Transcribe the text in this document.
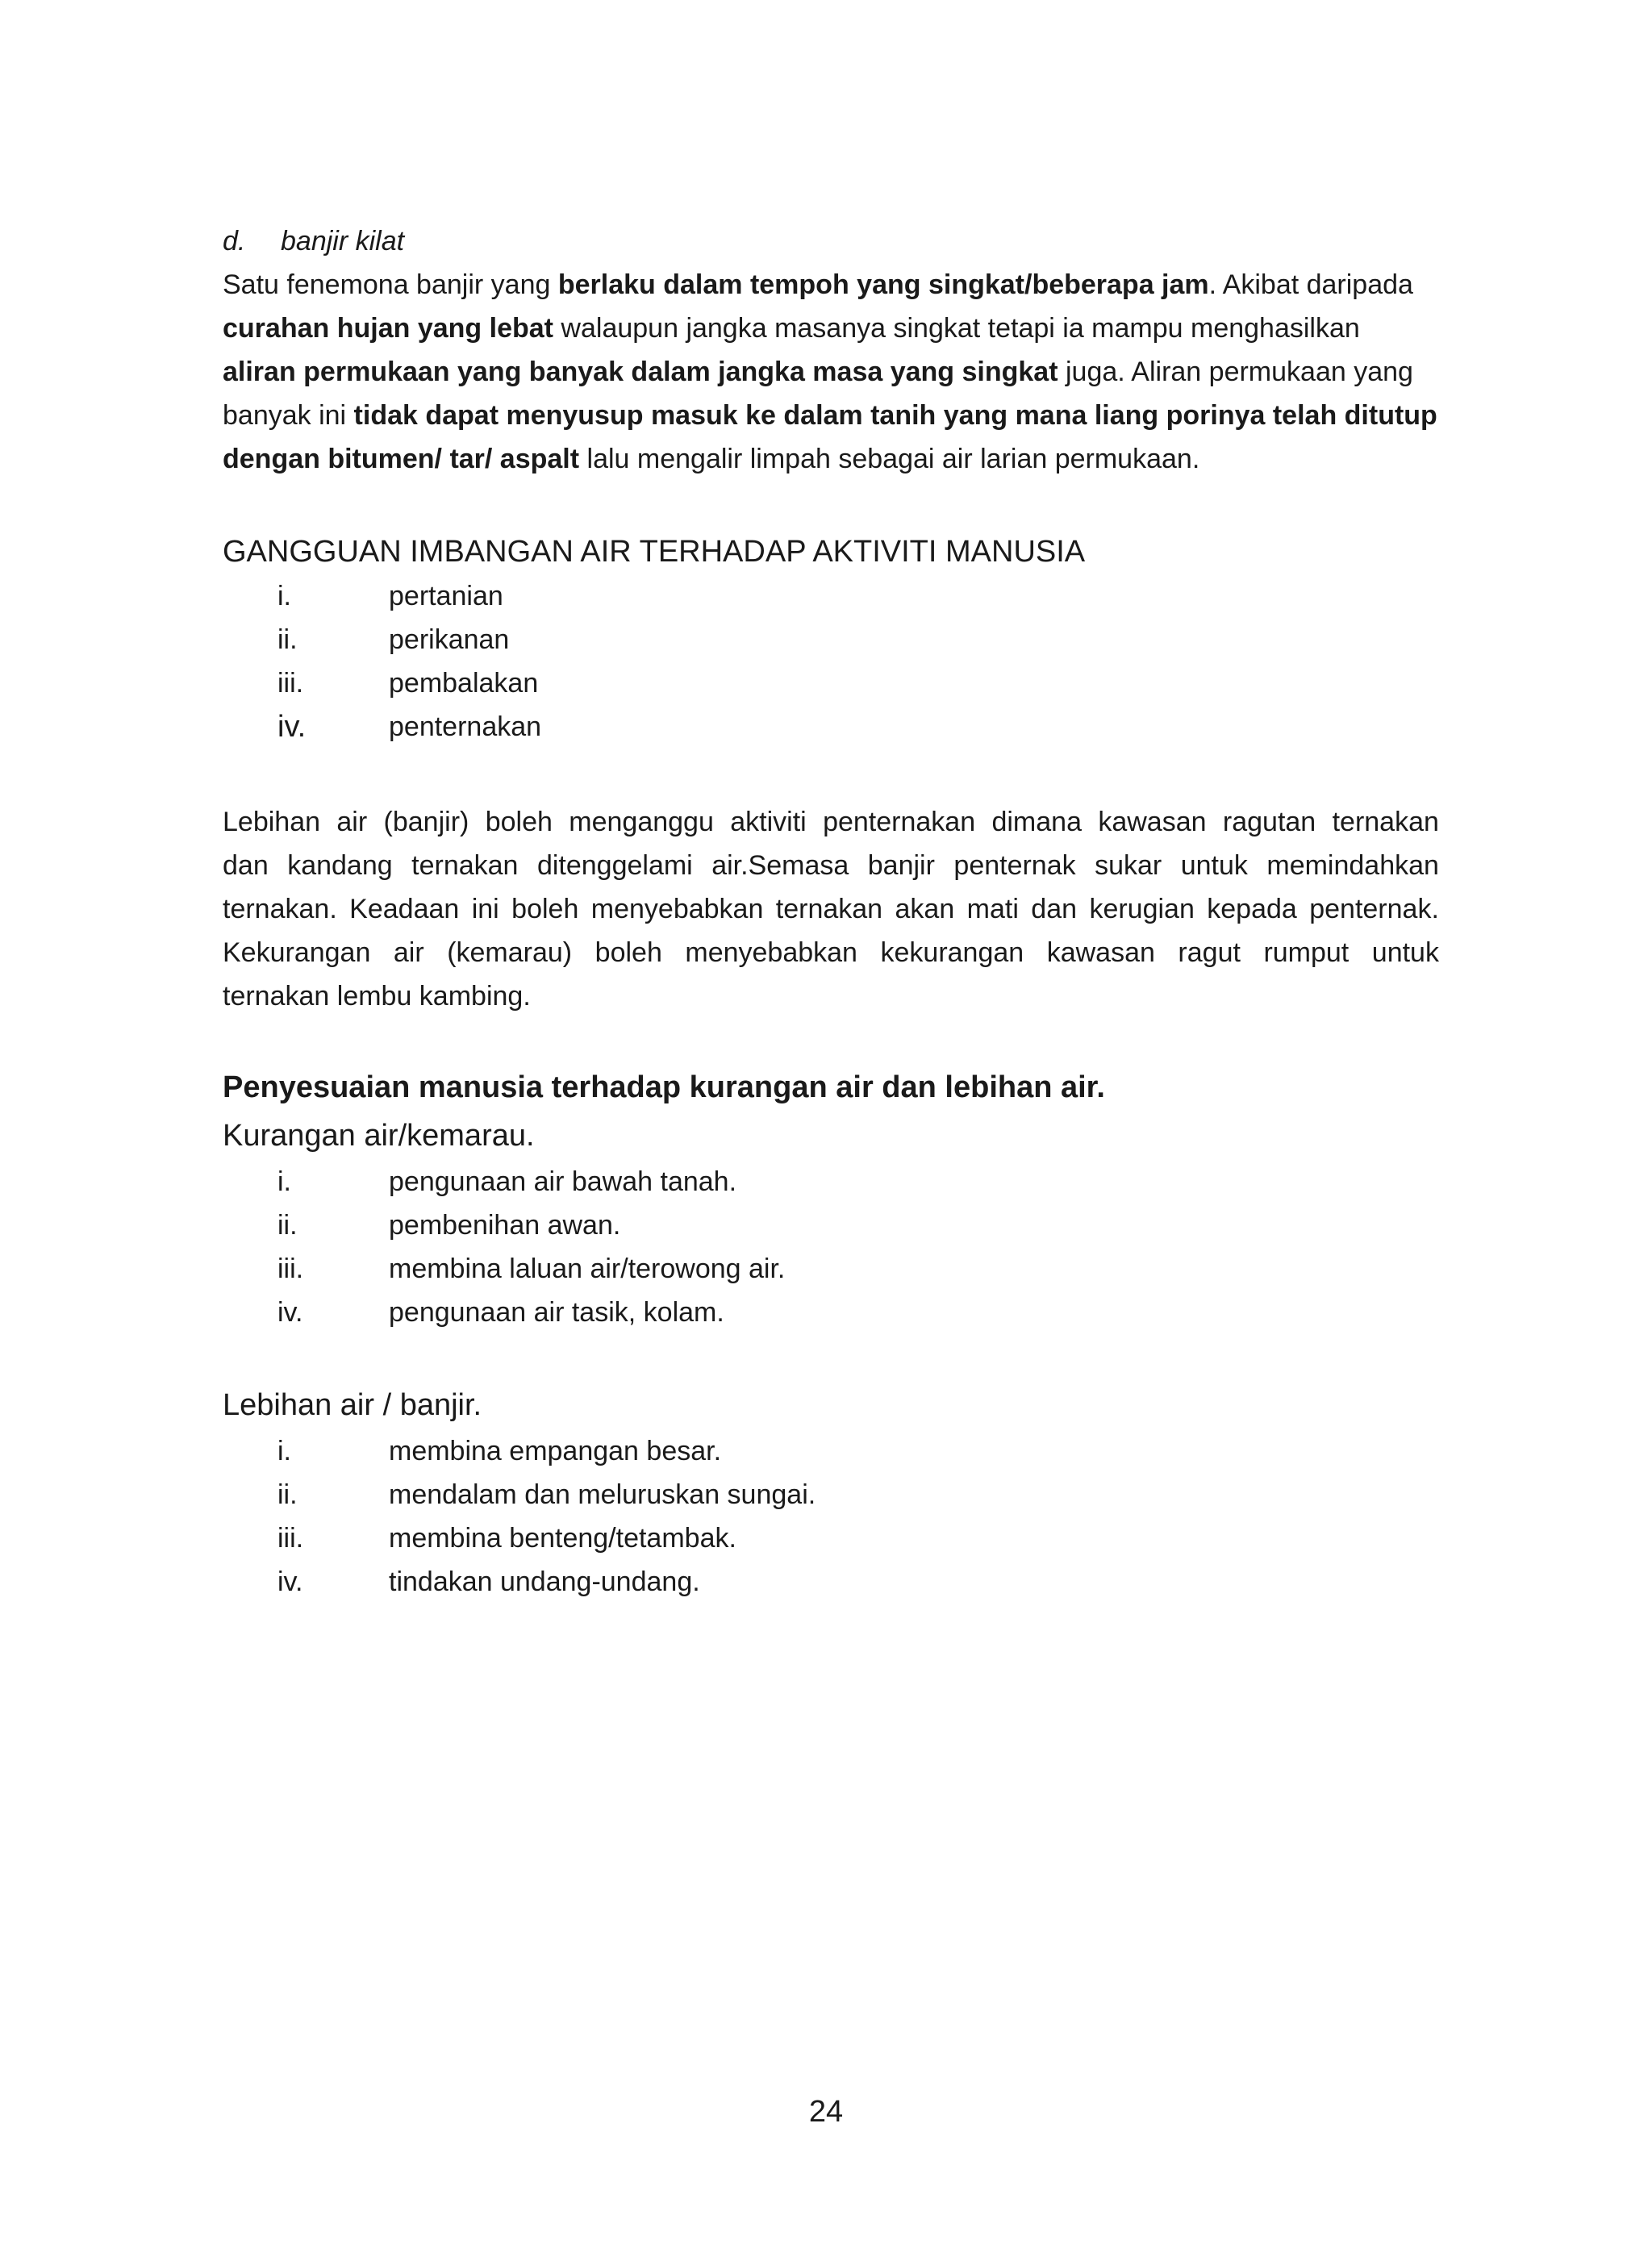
d. banjir kilat
Satu fenemona banjir yang berlaku dalam tempoh yang singkat/beberapa jam. Akibat daripada
curahan hujan yang lebat walaupun jangka masanya singkat tetapi ia mampu menghasilkan
aliran permukaan yang banyak dalam jangka masa yang singkat juga. Aliran permukaan yang
banyak ini tidak dapat menyusup masuk ke dalam tanih yang mana liang porinya telah ditutup
dengan bitumen/ tar/ aspalt lalu mengalir limpah sebagai air larian permukaan.
GANGGUAN IMBANGAN AIR TERHADAP AKTIVITI MANUSIA
i.	pertanian
ii.	perikanan
iii.	pembalakan
iv.	penternakan
Lebihan air (banjir) boleh menganggu aktiviti penternakan dimana kawasan ragutan ternakan
dan kandang ternakan ditenggelami air.Semasa banjir penternak sukar untuk memindahkan
ternakan. Keadaan ini boleh menyebabkan ternakan akan mati dan kerugian kepada penternak.
Kekurangan air (kemarau) boleh menyebabkan kekurangan kawasan ragut rumput untuk
ternakan lembu kambing.
Penyesuaian manusia terhadap kurangan air dan lebihan air.
Kurangan air/kemarau.
i.	pengunaan air bawah tanah.
ii.	pembenihan awan.
iii.	membina laluan air/terowong air.
iv.	pengunaan air tasik, kolam.
Lebihan air / banjir.
i.	membina empangan besar.
ii.	mendalam dan meluruskan sungai.
iii.	membina benteng/tetambak.
iv.	tindakan undang-undang.
24
